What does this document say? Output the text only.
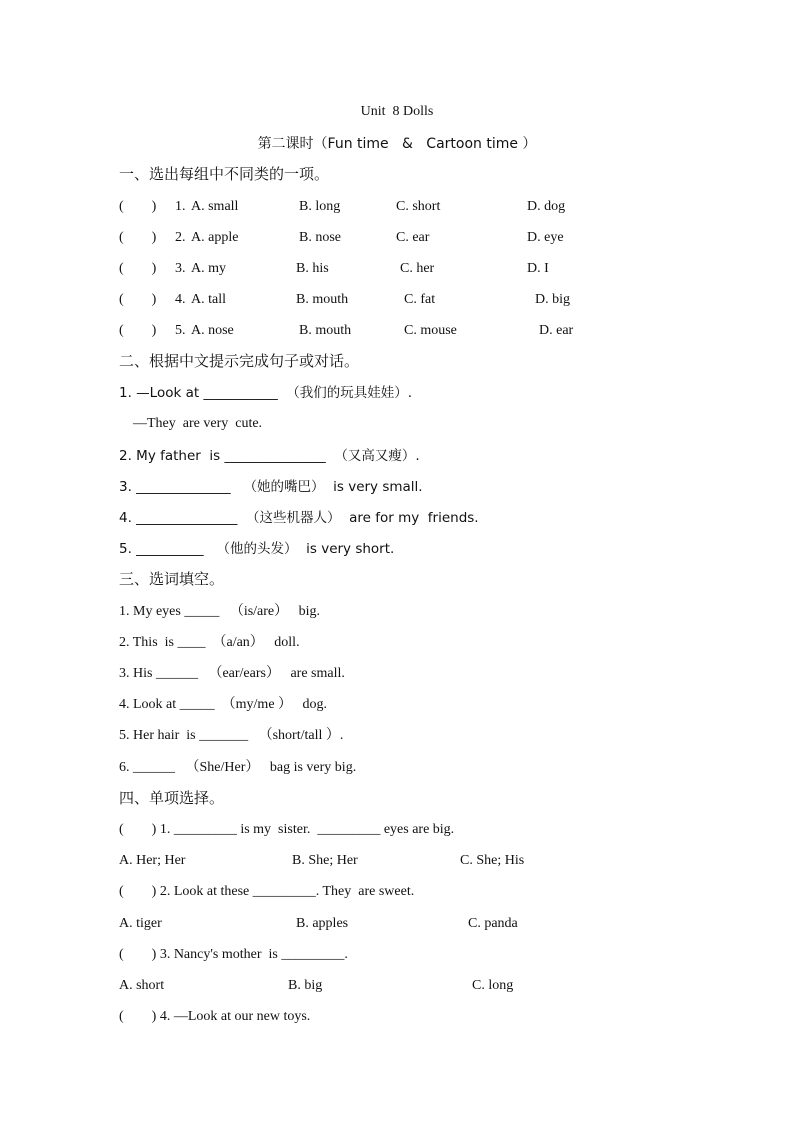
Unit  8 Dolls
第二课时（Fun time   &   Cartoon time ）
一、选出每组中不同类的一项。
(        ) 1. A. small	B. long	C. short	D. dog
(        ) 2. A. apple	B. nose	C. ear	D. eye
(        ) 3. A. my	B. his	C. her	D. I
(        ) 4. A. tall	B. mouth	C. fat	D. big
(        ) 5. A. nose	B. mouth	C. mouse	D. ear
二、根据中文提示完成句子或对话。
1. —Look at ___________  （我们的玩具娃娃）.
—They  are very  cute.
2. My father  is _______________  （又高又瘦）.
3. ______________   （她的嘴巴）  is very small.
4. _______________  （这些机器人）  are for my  friends.
5. __________   （他的头发）  is very short.
三、选词填空。
1. My eyes _____   （is/are）   big.
2. This  is ____  （a/an）   doll.
3. His ______   （ear/ears）   are small.
4. Look at _____  （my/me ）   dog.
5. Her hair  is _______   （short/tall ）.
6. ______   （She/Her）   bag is very big.
四、单项选择。
(        ) 1. _________ is my  sister.  _________ eyes are big.
A. Her; Her	B. She; Her	C. She; His
(        ) 2. Look at these _________. They  are sweet.
A. tiger	B. apples	C. panda
(        ) 3. Nancy's mother  is _________.
A. short	B. big	C. long
(        ) 4. —Look at our new toys.
